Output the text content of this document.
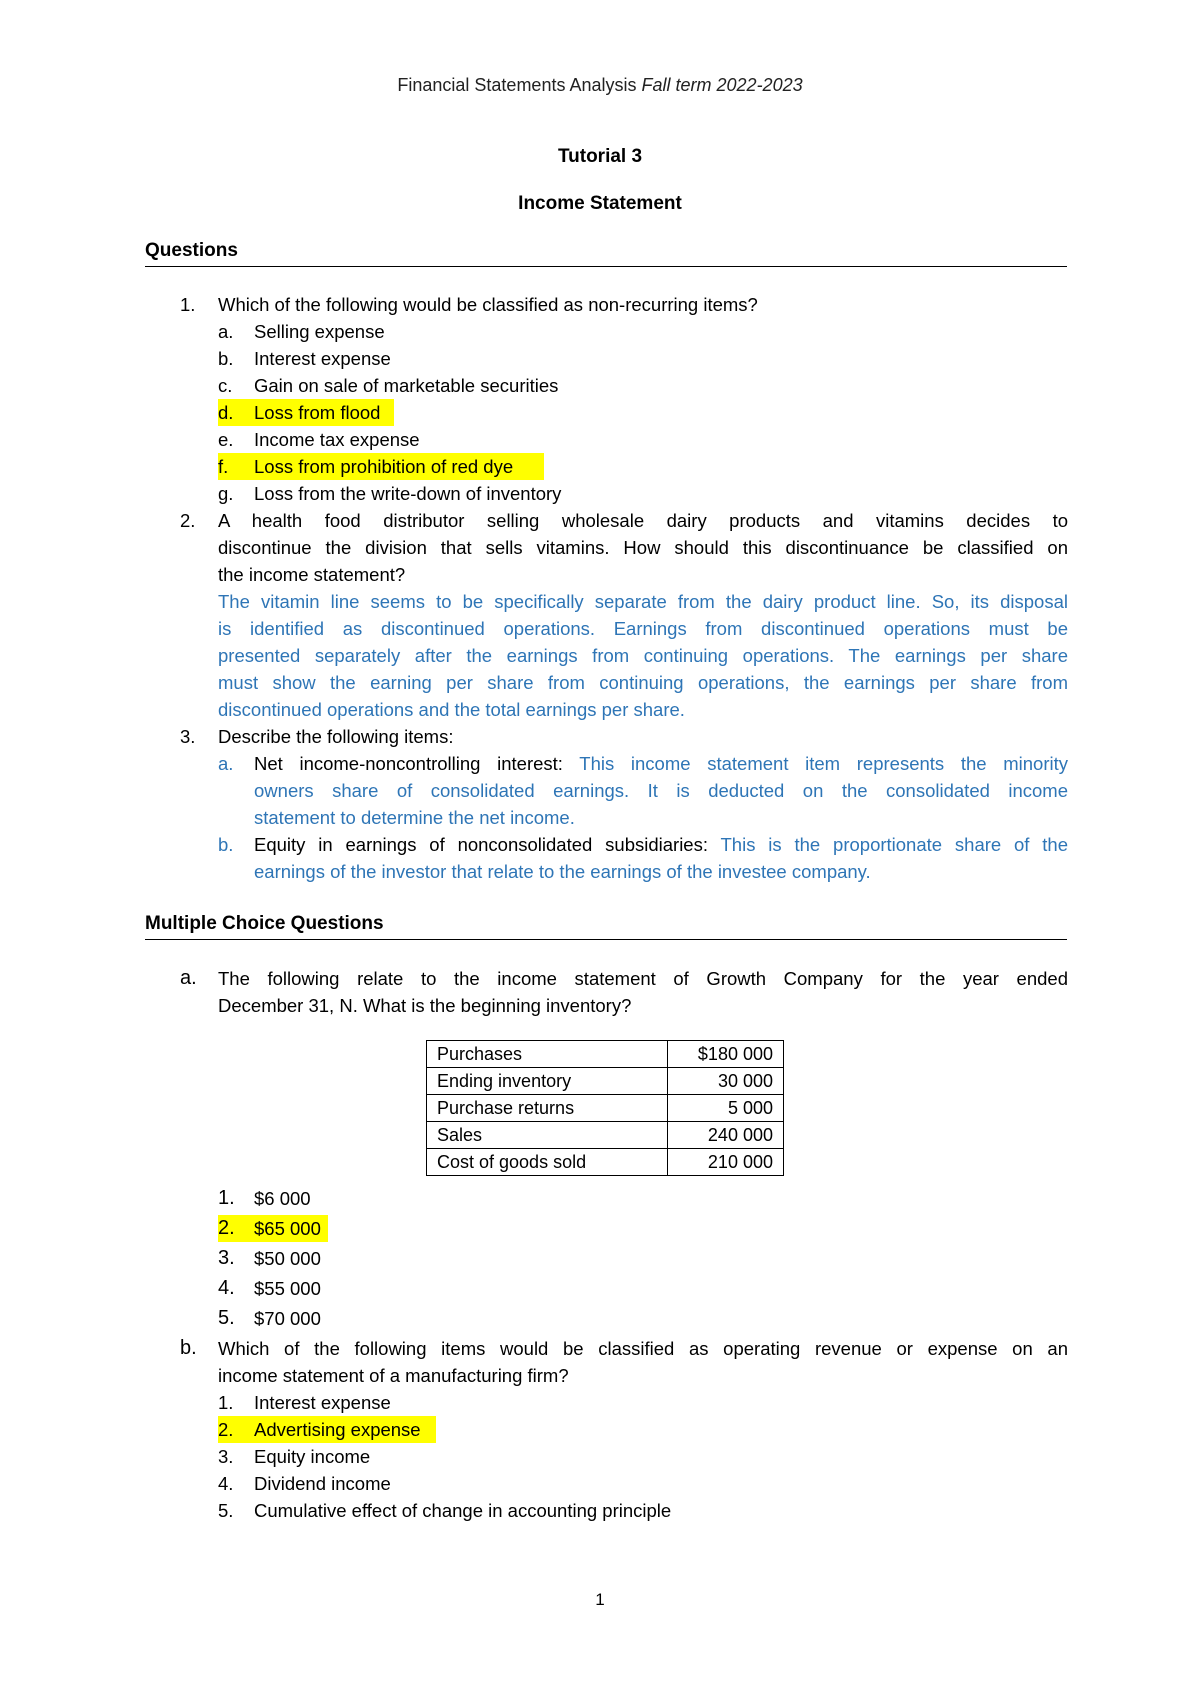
Financial Statements Analysis Fall term 2022-2023
Tutorial 3
Income Statement
Questions
1. Which of the following would be classified as non-recurring items?
a. Selling expense
b. Interest expense
c. Gain on sale of marketable securities
d. Loss from flood
e. Income tax expense
f. Loss from prohibition of red dye
g. Loss from the write-down of inventory
2. A health food distributor selling wholesale dairy products and vitamins decides to
discontinue the division that sells vitamins. How should this discontinuance be classified on
the income statement?
The vitamin line seems to be specifically separate from the dairy product line. So, its disposal
is identified as discontinued operations. Earnings from discontinued operations must be
presented separately after the earnings from continuing operations. The earnings per share
must show the earning per share from continuing operations, the earnings per share from
discontinued operations and the total earnings per share.
3. Describe the following items:
a. Net income-noncontrolling interest: This income statement item represents the minority
owners share of consolidated earnings. It is deducted on the consolidated income
statement to determine the net income.
b. Equity in earnings of nonconsolidated subsidiaries: This is the proportionate share of the
earnings of the investor that relate to the earnings of the investee company.
Multiple Choice Questions
a. The following relate to the income statement of Growth Company for the year ended
December 31, N. What is the beginning inventory?
Purchases	$180 000
Ending inventory	30 000
Purchase returns	5 000
Sales	240 000
Cost of goods sold	210 000
1. $6 000
2. $65 000
3. $50 000
4. $55 000
5. $70 000
b. Which of the following items would be classified as operating revenue or expense on an
income statement of a manufacturing firm?
1. Interest expense
2. Advertising expense
3. Equity income
4. Dividend income
5. Cumulative effect of change in accounting principle
1
